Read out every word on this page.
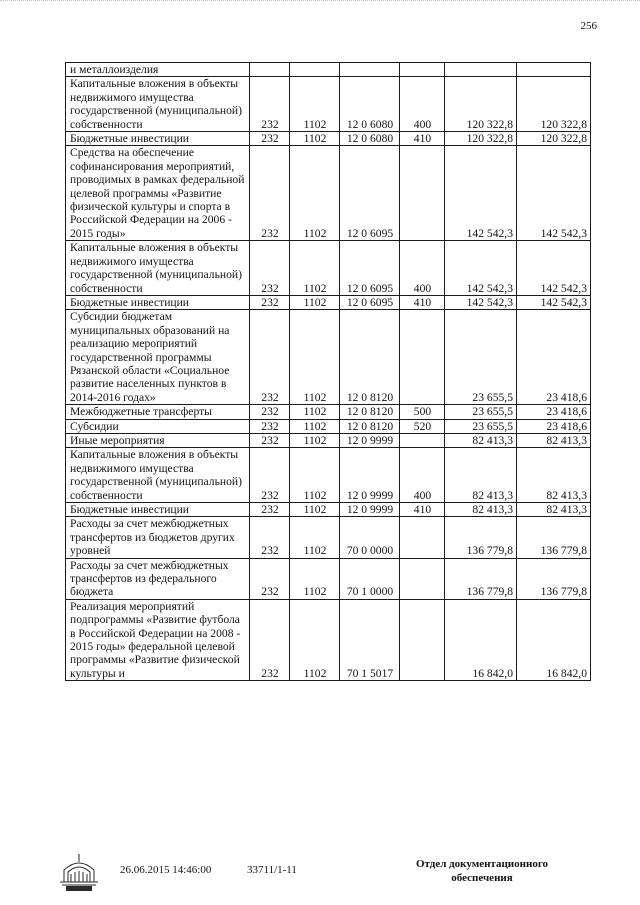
256
и металлоизделия						
Капитальные вложения в объекты недвижимого имущества государственной (муниципальной) собственности	232	1102	12 0 6080	400	120 322,8	120 322,8
Бюджетные инвестиции	232	1102	12 0 6080	410	120 322,8	120 322,8
Средства на обеспечение софинансирования мероприятий, проводимых в рамках федеральной целевой программы «Развитие физической культуры и спорта в Российской Федерации на 2006 - 2015 годы»	232	1102	12 0 6095		142 542,3	142 542,3
Капитальные вложения в объекты недвижимого имущества государственной (муниципальной) собственности	232	1102	12 0 6095	400	142 542,3	142 542,3
Бюджетные инвестиции	232	1102	12 0 6095	410	142 542,3	142 542,3
Субсидии бюджетам муниципальных образований на реализацию мероприятий государственной программы Рязанской области «Социальное развитие населенных пунктов в 2014-2016 годах»	232	1102	12 0 8120		23 655,5	23 418,6
Межбюджетные трансферты	232	1102	12 0 8120	500	23 655,5	23 418,6
Субсидии	232	1102	12 0 8120	520	23 655,5	23 418,6
Иные мероприятия	232	1102	12 0 9999		82 413,3	82 413,3
Капитальные вложения в объекты недвижимого имущества государственной (муниципальной) собственности	232	1102	12 0 9999	400	82 413,3	82 413,3
Бюджетные инвестиции	232	1102	12 0 9999	410	82 413,3	82 413,3
Расходы за счет межбюджетных трансфертов из бюджетов других уровней	232	1102	70 0 0000		136 779,8	136 779,8
Расходы за счет межбюджетных трансфертов из федерального бюджета	232	1102	70 1 0000		136 779,8	136 779,8
Реализация мероприятий подпрограммы «Развитие футбола в Российской Федерации на 2008 - 2015 годы» федеральной целевой программы «Развитие физической культуры и	232	1102	70 1 5017		16 842,0	16 842,0
26.06.2015 14:46:00	33711/1-11	Отдел документационного
обеспечения
